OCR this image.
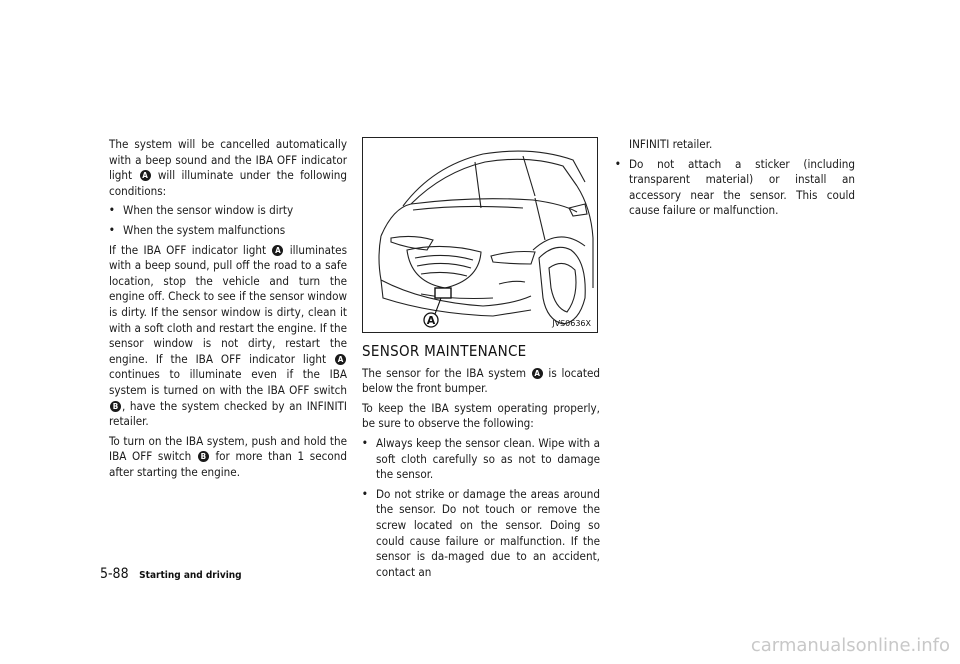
The system will be cancelled automatically with a beep sound and the IBA OFF indicator light A will illuminate under the following conditions:

• When the sensor window is dirty
• When the system malfunctions

If the IBA OFF indicator light A illuminates with a beep sound, pull off the road to a safe location, stop the vehicle and turn the engine off. Check to see if the sensor window is dirty. If the sensor window is dirty, clean it with a soft cloth and restart the engine. If the sensor window is not dirty, restart the engine. If the IBA OFF indicator light A continues to illuminate even if the IBA system is turned on with the IBA OFF switch B , have the system checked by an INFINITI retailer.

To turn on the IBA system, push and hold the IBA OFF switch B for more than 1 second after starting the engine.

A	JVS0636X
SENSOR MAINTENANCE

The sensor for the IBA system A is located below the front bumper.

To keep the IBA system operating properly, be sure to observe the following:

• Always keep the sensor clean. Wipe with a soft cloth carefully so as not to damage the sensor.
• Do not strike or damage the areas around the sensor. Do not touch or remove the screw located on the sensor. Doing so could cause failure or malfunction. If the sensor is da-maged due to an accident, contact an
INFINITI retailer.
• Do not attach a sticker (including transparent material) or install an accessory near the sensor. This could cause failure or malfunction.
5-88 Starting and driving
carmanualsonline.info
